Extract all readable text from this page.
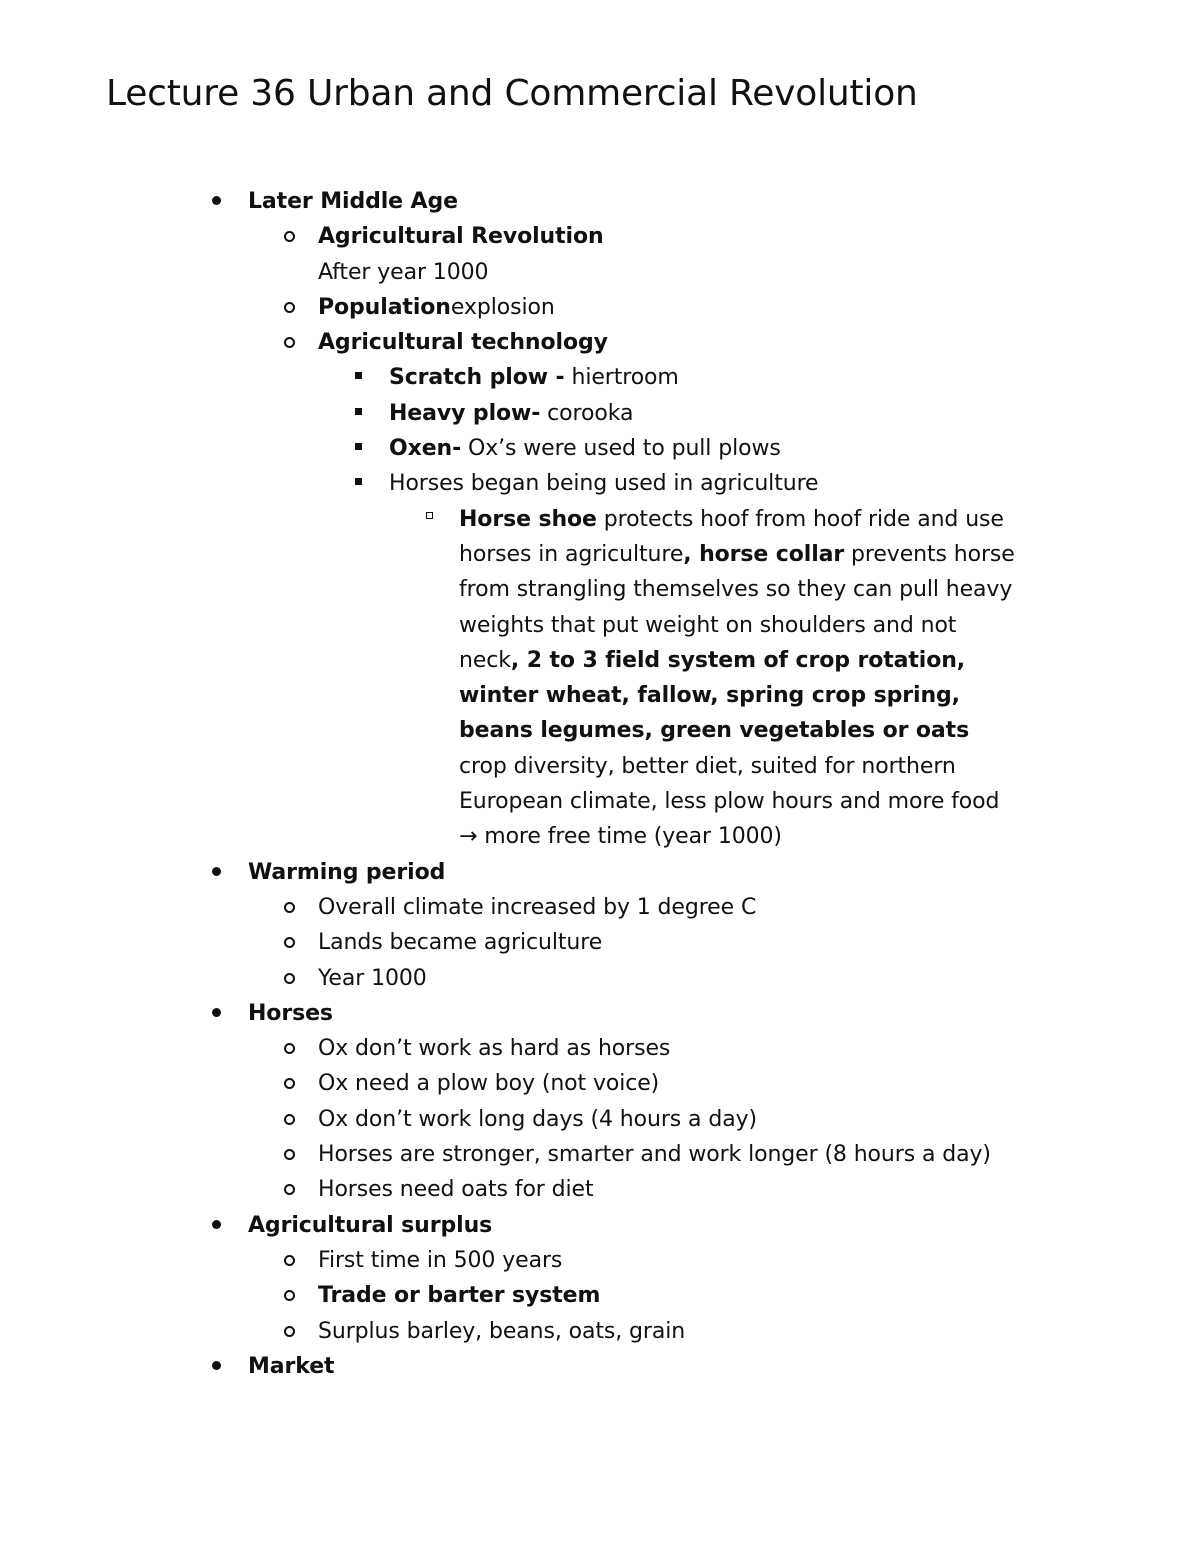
Lecture 36 Urban and Commercial Revolution
Later Middle Age
Agricultural Revolution
After year 1000
Populationexplosion
Agricultural technology
Scratch plow - hiertroom
Heavy plow- corooka
Oxen- Ox’s were used to pull plows
Horses began being used in agriculture
Horse shoe protects hoof from hoof ride and use
horses in agriculture, horse collar prevents horse
from strangling themselves so they can pull heavy
weights that put weight on shoulders and not
neck, 2 to 3 field system of crop rotation,
winter wheat, fallow, spring crop spring,
beans legumes, green vegetables or oats
crop diversity, better diet, suited for northern
European climate, less plow hours and more food
→ more free time (year 1000)
Warming period
Overall climate increased by 1 degree C
Lands became agriculture
Year 1000
Horses
Ox don’t work as hard as horses
Ox need a plow boy (not voice)
Ox don’t work long days (4 hours a day)
Horses are stronger, smarter and work longer (8 hours a day)
Horses need oats for diet
Agricultural surplus
First time in 500 years
Trade or barter system
Surplus barley, beans, oats, grain
Market
